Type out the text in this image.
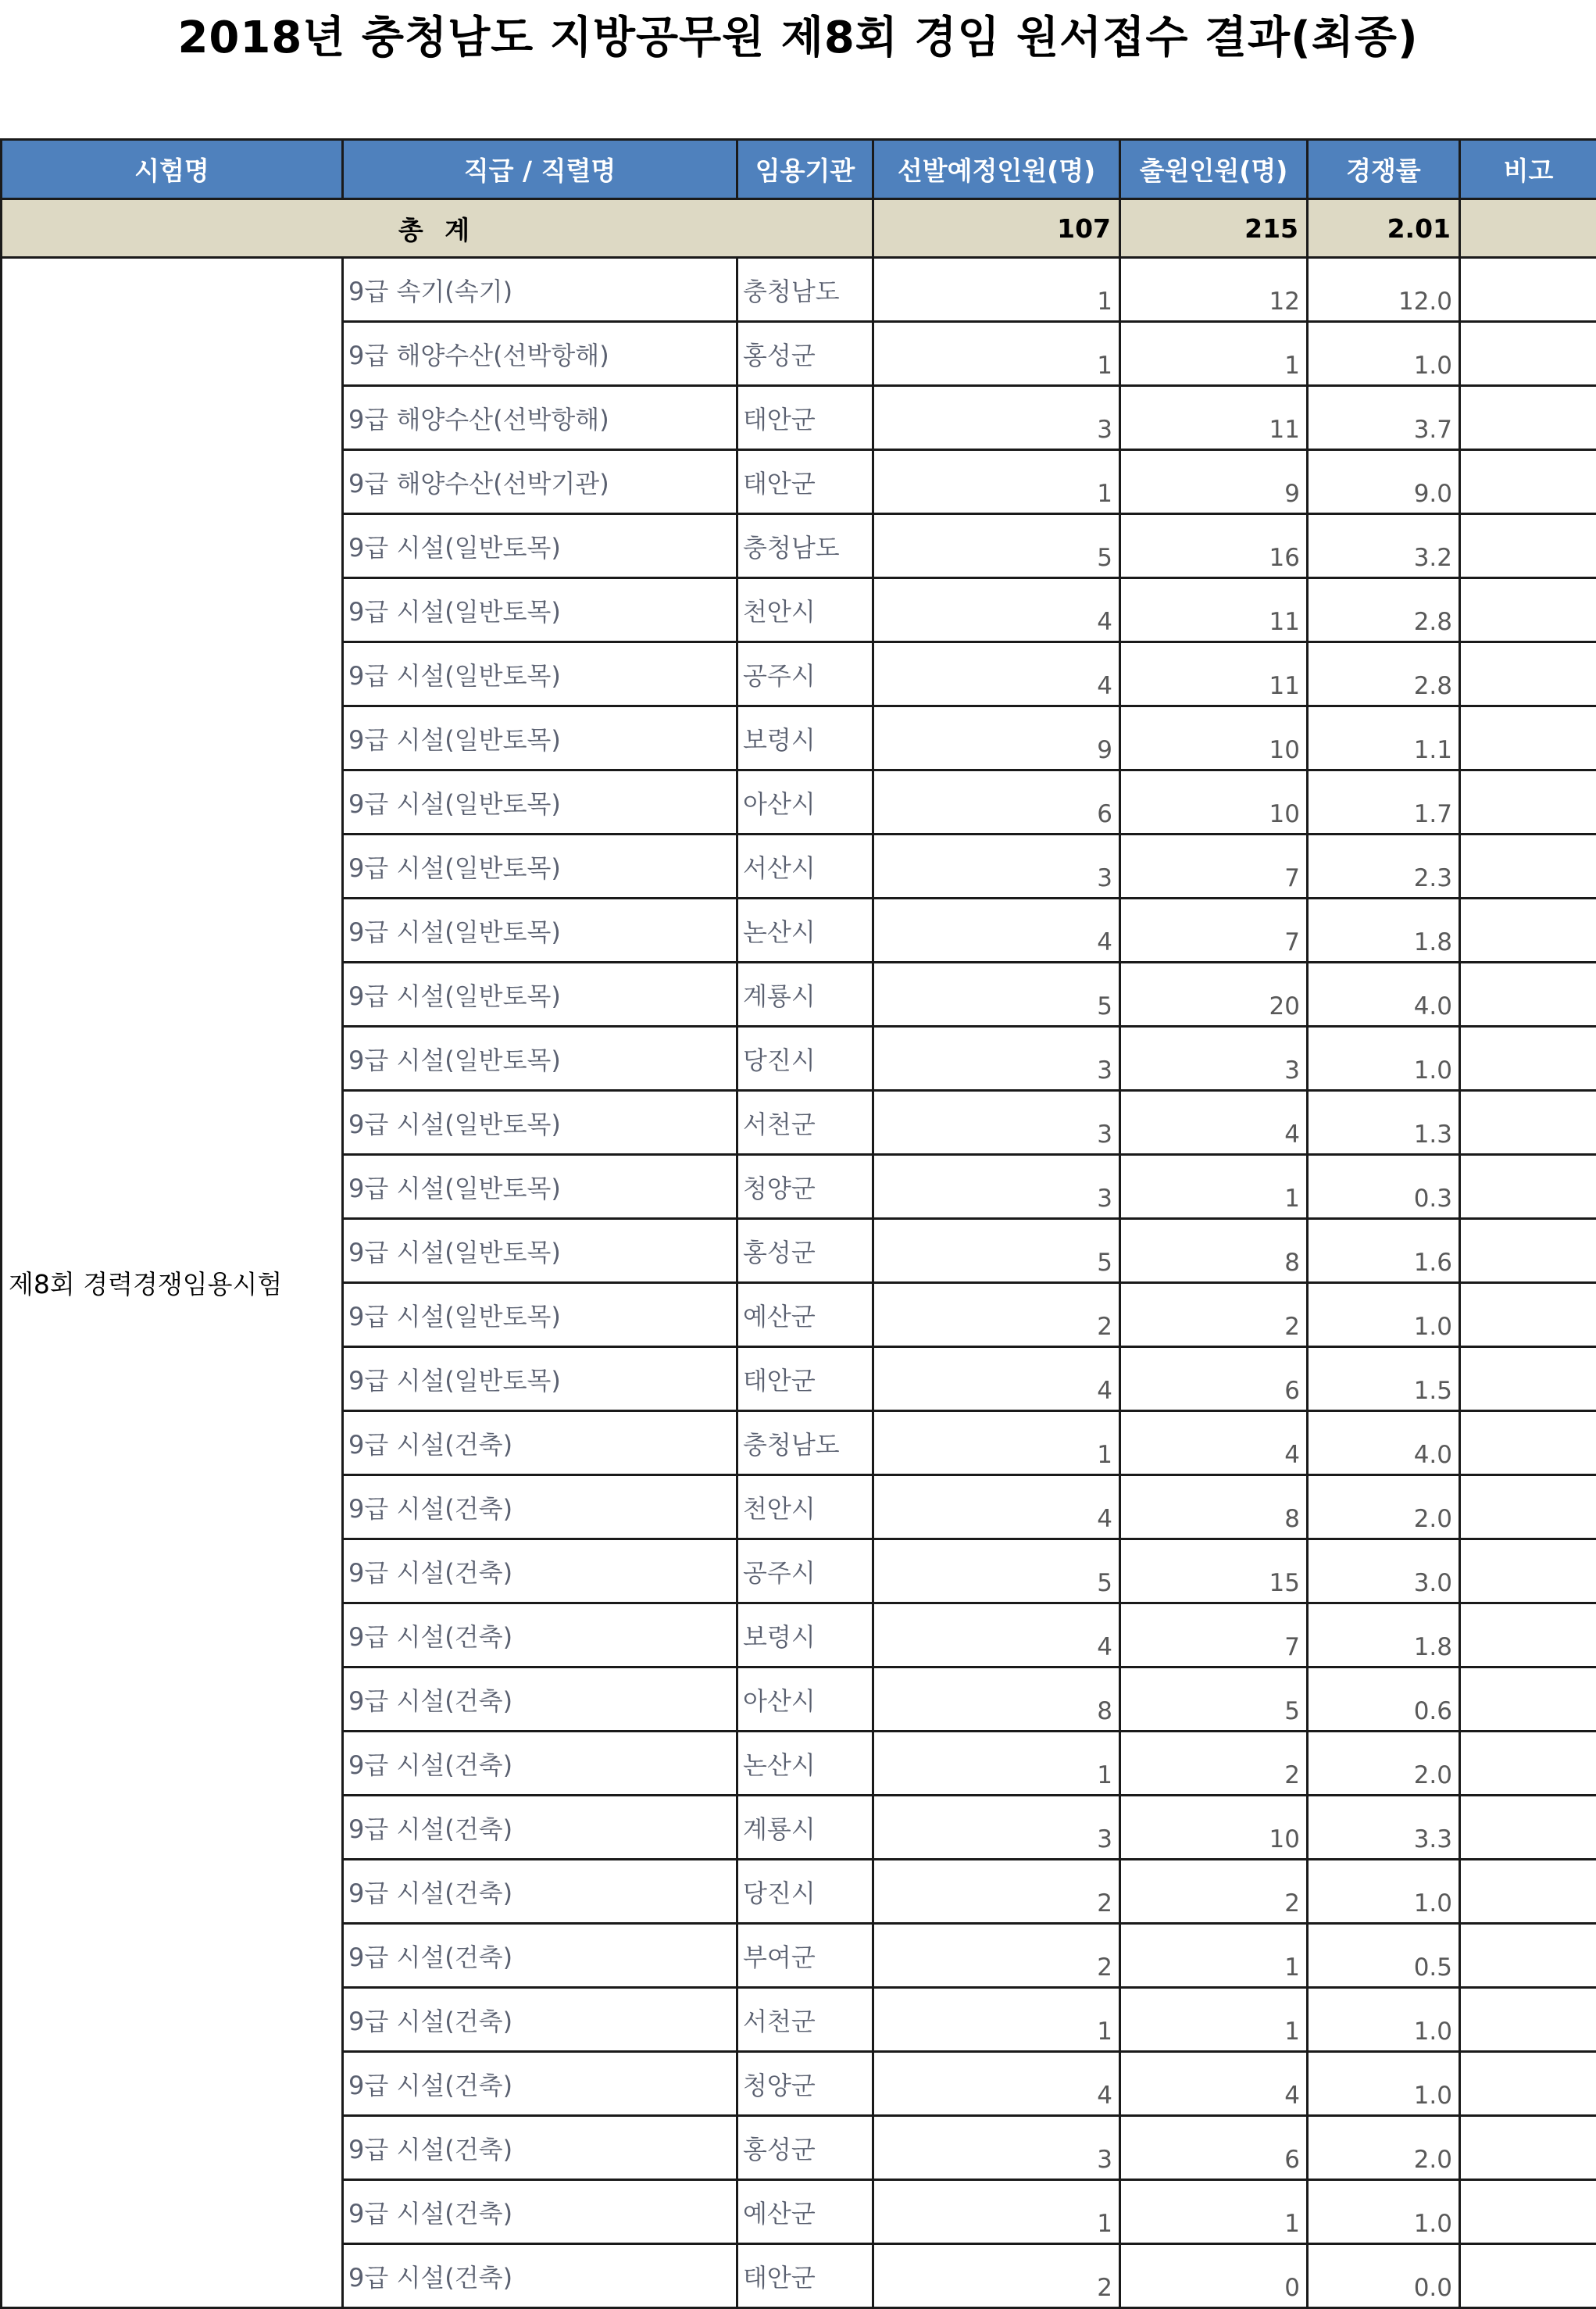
2018년 충청남도 지방공무원 제8회 경임 원서접수 결과(최종)
시험명	직급 / 직렬명	임용기관	선발예정인원(명)	출원인원(명)	경쟁률	비고
총 계			107	215	2.01	
제8회 경력경쟁임용시험	9급 속기(속기)	충청남도	1	12	12.0	
	9급 해양수산(선박항해)	홍성군	1	1	1.0	
	9급 해양수산(선박항해)	태안군	3	11	3.7	
	9급 해양수산(선박기관)	태안군	1	9	9.0	
	9급 시설(일반토목)	충청남도	5	16	3.2	
	9급 시설(일반토목)	천안시	4	11	2.8	
	9급 시설(일반토목)	공주시	4	11	2.8	
	9급 시설(일반토목)	보령시	9	10	1.1	
	9급 시설(일반토목)	아산시	6	10	1.7	
	9급 시설(일반토목)	서산시	3	7	2.3	
	9급 시설(일반토목)	논산시	4	7	1.8	
	9급 시설(일반토목)	계룡시	5	20	4.0	
	9급 시설(일반토목)	당진시	3	3	1.0	
	9급 시설(일반토목)	서천군	3	4	1.3	
	9급 시설(일반토목)	청양군	3	1	0.3	
	9급 시설(일반토목)	홍성군	5	8	1.6	
	9급 시설(일반토목)	예산군	2	2	1.0	
	9급 시설(일반토목)	태안군	4	6	1.5	
	9급 시설(건축)	충청남도	1	4	4.0	
	9급 시설(건축)	천안시	4	8	2.0	
	9급 시설(건축)	공주시	5	15	3.0	
	9급 시설(건축)	보령시	4	7	1.8	
	9급 시설(건축)	아산시	8	5	0.6	
	9급 시설(건축)	논산시	1	2	2.0	
	9급 시설(건축)	계룡시	3	10	3.3	
	9급 시설(건축)	당진시	2	2	1.0	
	9급 시설(건축)	부여군	2	1	0.5	
	9급 시설(건축)	서천군	1	1	1.0	
	9급 시설(건축)	청양군	4	4	1.0	
	9급 시설(건축)	홍성군	3	6	2.0	
	9급 시설(건축)	예산군	1	1	1.0	
	9급 시설(건축)	태안군	2	0	0.0	
